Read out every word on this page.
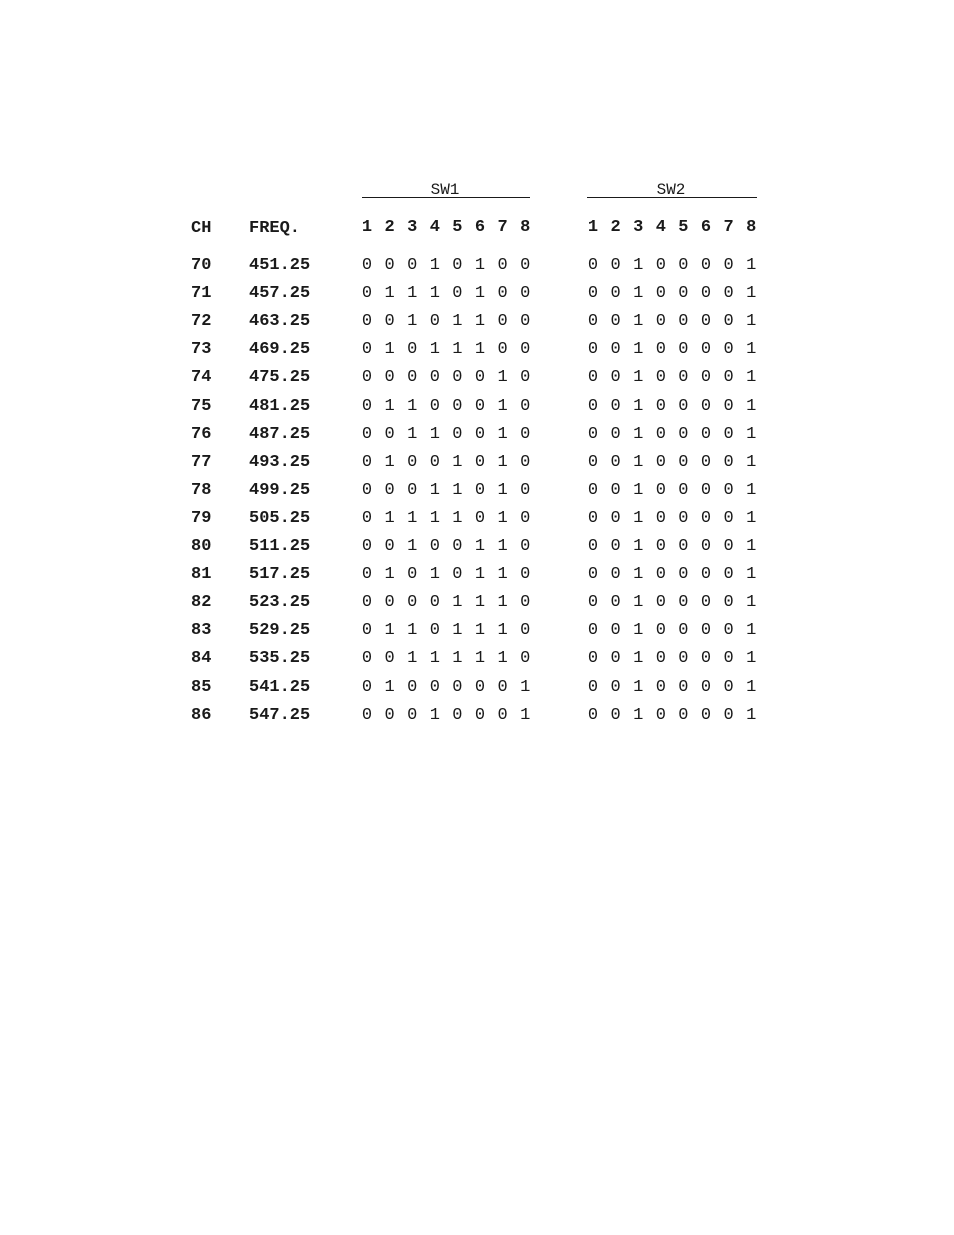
SW1	SW2
CH FREQ.	1 2 3 4 5 6 7 8	1 2 3 4 5 6 7 8
70 451.25	0 0 0 1 0 1 0 0	0 0 1 0 0 0 0 1
71 457.25	0 1 1 1 0 1 0 0	0 0 1 0 0 0 0 1
72 463.25	0 0 1 0 1 1 0 0	0 0 1 0 0 0 0 1
73 469.25	0 1 0 1 1 1 0 0	0 0 1 0 0 0 0 1
74 475.25	0 0 0 0 0 0 1 0	0 0 1 0 0 0 0 1
75 481.25	0 1 1 0 0 0 1 0	0 0 1 0 0 0 0 1
76 487.25	0 0 1 1 0 0 1 0	0 0 1 0 0 0 0 1
77 493.25	0 1 0 0 1 0 1 0	0 0 1 0 0 0 0 1
78 499.25	0 0 0 1 1 0 1 0	0 0 1 0 0 0 0 1
79 505.25	0 1 1 1 1 0 1 0	0 0 1 0 0 0 0 1
80 511.25	0 0 1 0 0 1 1 0	0 0 1 0 0 0 0 1
81 517.25	0 1 0 1 0 1 1 0	0 0 1 0 0 0 0 1
82 523.25	0 0 0 0 1 1 1 0	0 0 1 0 0 0 0 1
83 529.25	0 1 1 0 1 1 1 0	0 0 1 0 0 0 0 1
84 535.25	0 0 1 1 1 1 1 0	0 0 1 0 0 0 0 1
85 541.25	0 1 0 0 0 0 0 1	0 0 1 0 0 0 0 1
86 547.25	0 0 0 1 0 0 0 1	0 0 1 0 0 0 0 1
